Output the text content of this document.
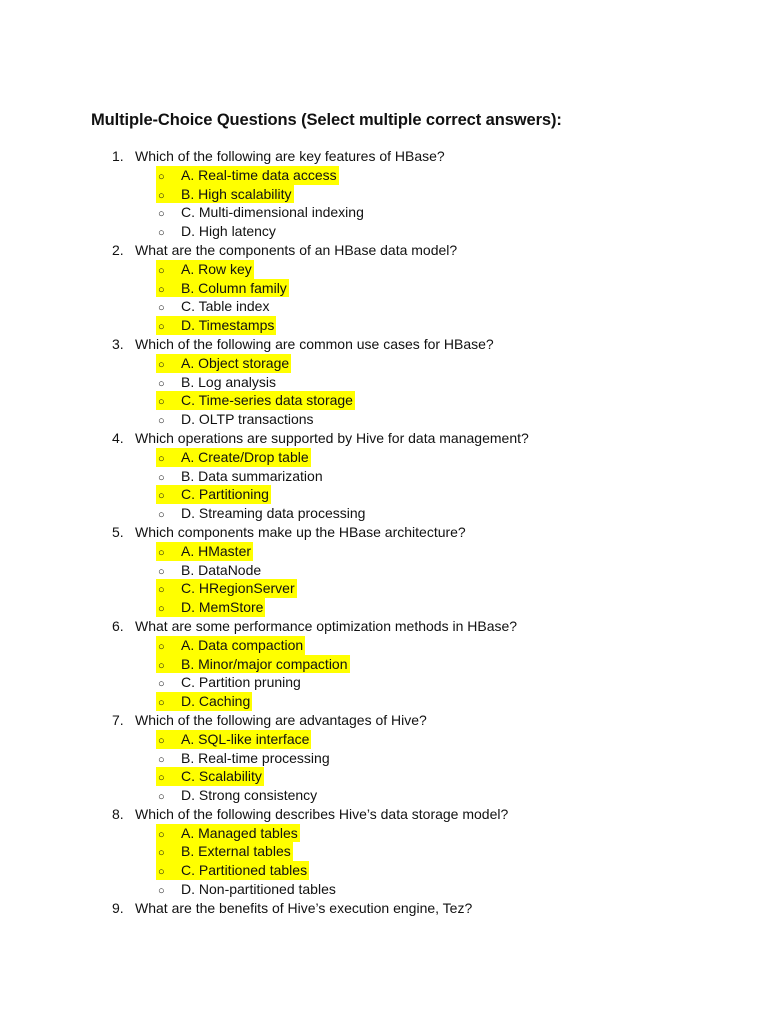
Multiple-Choice Questions (Select multiple correct answers):
1. Which of the following are key features of HBase?
○ A. Real-time data access
○ B. High scalability
○ C. Multi-dimensional indexing
○ D. High latency
2. What are the components of an HBase data model?
○ A. Row key
○ B. Column family
○ C. Table index
○ D. Timestamps
3. Which of the following are common use cases for HBase?
○ A. Object storage
○ B. Log analysis
○ C. Time-series data storage
○ D. OLTP transactions
4. Which operations are supported by Hive for data management?
○ A. Create/Drop table
○ B. Data summarization
○ C. Partitioning
○ D. Streaming data processing
5. Which components make up the HBase architecture?
○ A. HMaster
○ B. DataNode
○ C. HRegionServer
○ D. MemStore
6. What are some performance optimization methods in HBase?
○ A. Data compaction
○ B. Minor/major compaction
○ C. Partition pruning
○ D. Caching
7. Which of the following are advantages of Hive?
○ A. SQL-like interface
○ B. Real-time processing
○ C. Scalability
○ D. Strong consistency
8. Which of the following describes Hive’s data storage model?
○ A. Managed tables
○ B. External tables
○ C. Partitioned tables
○ D. Non-partitioned tables
9. What are the benefits of Hive’s execution engine, Tez?
